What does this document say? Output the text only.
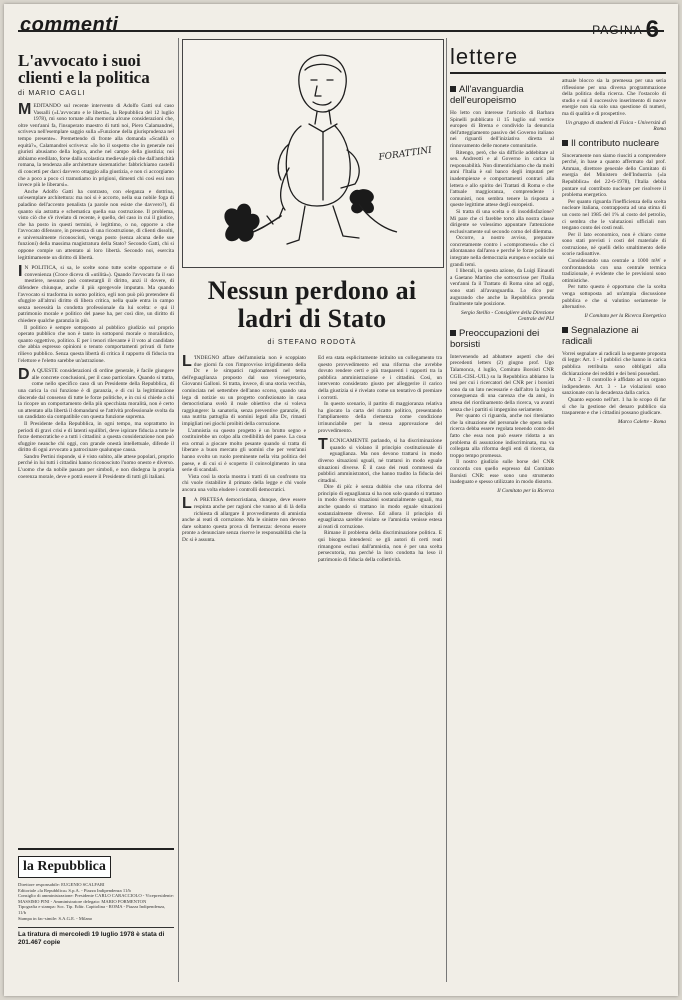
commenti	PAGINA 6
L'avvocato i suoi clienti e la politica
di MARIO CAGLI

MEDITANDO sul recente intervento di Adolfo Gatti sul caso Vassalli («L'avvocato e le libertà», la Repubblica del 12 luglio 1978), mi sono tornate alla memoria alcune considerazioni che, oltre vent'anni fa, l'insuperato maestro di tutti noi, Piero Calamandrei, scriveva nell'esemplare saggio sulla «Funzione della giurisprudenza nel tempo presente». Premettendo di fronte alla domanda «Scadilà o equità?», Calamandrei scriveva: «Io ho il sospetto che in generale noi giuristi abusiamo della logica, anche nel campo della giustizia; noi abbiamo eredilato, forse dalla scolastica medievale più che dall'antichità romana, la tendenza alle architetture sistematiche: fabbrichiamo castelli di concetti per darci davvero ottaggio alla giustizia, e non ci accorgiamo che a poco a poco ci tramutiamo in prigioni, dimenti chi così essi non invece più le liberarsi».

Anche Adolfo Gatti ha contrasto, con eleganza e dottrina, un'esemplare architettura: ma noi si è accorto, nella sua nobile foga di paladino dell'accento penalista (a parole non esiste che davvero?), di quanto sia astratta e schematica quella sua costruzione. Il problema, visto ciò che s'è rivelato di recente, è quello, del caso in cui il giudice, che ha posto in questi termini, è legittimo, o no, opporre a che l'avvocato difensore, in presenza di una ricostruzione, di clienti dissolti, e universalmente riconosciuti, venga posto (senza alcuna delle sue funzioni) della massima magistratura della Stato? Secondo Gatti, chi si oppone compie un attentato ai loro libertà. Secondo noi, esercita legittimamente un diritto di libertà.

I N POLITICA, si sa, le scelte sono tutte scelte opportune e di convenienza (Croce diceva di «utilità»). Quando l'avvocato fa il suo mestiere, nessuno può contestargli il diritto, anzi il dovere, di difendere chiunque, anche il più spregevole imputato. Ma quando l'avvocato si trasforma in uomo politico, egli non può più pretendere di sfuggire all'altrui diritto di libera critica, nella quale entra in campo senza necessità la condotta professionale da lui scelta: e qui il patrimonio morale e politico del paese ha, per così dire, un diritto di chiedere qualche garanzia in più.

Il politico è sempre sottoposto al pubblico giudizio sul proprio operato pubblico che non è tanto in sottoporsi morale o moralistico, quanto oggettivo, politico. E per i tenori rilevante è il voto al candidato che abbia espresso opinioni o tenuto comportamenti privati di forte rilievo pubblico. Senza questa libertà di critica il rapporto di fiducia tra l'elettore e l'eletto sarebbe un'astrazione.

D A QUESTE considerazioni di ordine generale, è facile giungere alle concrete conclusioni, per il caso particolare. Quando si tratta, come nello specifico caso di un Presidente della Repubblica, di una carica la cui funzione è di garanzia, e di cui la legittimazione discende dal consenso di tutte le forze politiche, e in cui si chiede a chi la ricopre un comportamento della più specchiata moralità, non è certo un attentato alla libertà il domandarsi se l'attività professionale svolta da un candidato sia compatibile con questa funzione suprema.

Il Presidente della Repubblica, in ogni tempo, ma soprattutto in periodi di gravi crisi e di latenti squilibri, deve ispirare fiducia a tutte le forze democratiche e a tutti i cittadini: a questa considerazione non può sfuggire neanche chi oggi, con grande onestà intellettuale, difende il diritto di ogni avvocato a patrocinare qualunque causa.

Sandro Pertini risponde, si è visto subito, alle attese popolari, proprio perché in lui tutti i cittadini hanno riconosciuto l'uomo onesto e diverso. L'uomo che da nobile passato per simboli, e non disdegna la propria coerenza morale, deve e potrà essere il Presidente di tutti gli italiani.

la Repubblica

Direttore responsabile: EUGENIO SCALFARI

Editoriale «la Repubblica» S.p.A. - Piazza Indipendenza 11/b

Consiglio di amministrazione: Presidente CARLO CARACCIOLO - Vicepresidente: MASSIMO PINI - Amministratore delegato: MARIO FORMENTON

Tipografia e stampa: Soc. Tip. Editr. Capitolina - ROMA - Piazza Indipendenza, 11/b

Stampa in fac-simile: S.A.G.E. - Milano

La tiratura di mercoledì 19 luglio 1978 è stata di 201.467 copie
FORATTINI
Nessun perdono ai ladri di Stato
di STEFANO RODOTÀ

L 'INDEGNO affare dell'amnistia non è scoppiato due giorni fa con l'improvviso irrigidimento della Dc e le simpatici ragionamenti nel tema dell'eguaglianza proposto dal suo vicesegretario, Giovanni Galloni. Si tratta, invece, di una storia vecchia, cominciata nel settembre dell'anno scorso, quando una lega di notizie su un progetto confezionato in casa democristiana svelò il reale obiettivo che si voleva raggiungere: la sanatoria, senza preventive garanzie, di una nutrita pattuglia di uomini legati alla Dc, rimasti impigliati nei giochi proibiti della corruzione.

L'amnistia su questo progetto è un brutto segno e costituirebbe un colpo alla credibilità del paese. La cosa era ormai a giocare molto pesante quando si tratta di liberare a buon mercato gli uomini che per vent'anni hanno svolto un ruolo preminente nella vita politica del paese, e di cui si è scoperto il coinvolgimento in una serie di scandali.

Vista così la storia mostra i tratti di un confronto tra chi vuole ristabilire il primato della legge e chi vuole ancora una volta eludere i controlli democratici.

L A PRETESA democristiana, dunque, deve essere respinta anche per ragioni che vanno al di là della richiesta di allargare il provvedimento di amnistia anche ai reati di corruzione. Ma le sinistre non devono dare soltanto questa prova di fermezza: devono essere pronte a denunciare senza riserve le responsabilità che la Dc si è assunta.

Ed era stata esplicitamente istituito un collegamento tra questo provvedimento ed una riforma che avrebbe dovuto rendere certi e più trasparenti i rapporti tra la pubblica amministrazione e i cittadini. Così, un intervento considerato giusto per alleggerire il carico della giustizia si è rivelato come un tentativo di premiare i corrotti.

In questo scenario, il partito di maggioranza relativa ha giocato la carta del ricatto politico, presentando l'ampliamento della clemenza come condizione irrinunciabile per la stessa approvazione del provvedimento.

TECNICAMENTE parlando, si ha discriminazione quando si violano il principio costituzionale di eguaglianza. Ma non devono trattarsi in modo diverso situazioni uguali, né trattarsi in modo eguale situazioni diverse. È il caso dei reati commessi da pubblici amministratori, che hanno tradito la fiducia dei cittadini.

Dire di più: è senza dubbio che una riforma del principio di eguaglianza si ha non solo quando si trattano in modo diverso situazioni sostanzialmente uguali, ma anche quando si trattano in modo eguale situazioni sostanzialmente diverse. Ed allora il principio di eguaglianza sarebbe violato se l'amnistia venisse estesa ai reati di corruzione.

Rimane il problema della discriminazione politica. E qui bisogna intendersi: se gli autori di certi reati rimangono esclusi dall'amnistia, non è per una scelta persecutoria, ma perché la loro condotta ha leso il patrimonio di fiducia della collettività.

lettere
All'avanguardia dell'europeismo

Ho letto con interesse l'articolo di Barbara Spinelli pubblicato il 15 luglio sul vertice europeo di Brema e condivido la denuncia dell'atteggiamento passivo del Governo italiano nei riguardi dell'iniziativa diretta al rinnovamento delle monete comunitarie.

Ritengo, però, che sia difficile addebitare al sen. Andreotti e al Governo in carica la responsabilità. Non dimentichiamo che da molti anni l'Italia è sul banco degli imputati per inadempienze e comportamenti contrari alla lettera e allo spirito dei Trattati di Roma e che l'attuale maggioranza, comprendente i comunisti, non sembra tenere la risposta a queste legittime attese degli europeisti.

Si tratta di una scelta o di insoddisfazione? Mi pare che ci farebbe torto alla nostra classe dirigente se volessimo appuntare l'attenzione esclusivamente sul secondo corno del dilemma.

Occorre, a nostro avviso, preparare concretamente contro i «compromessi» che ci allontanano dall'area e perché le forze politiche integrate nella democrazia europea e sociale sui grandi temi.

I liberali, in questa azione, da Luigi Einaudi a Gaetano Martino che sottoscrisse per l'Italia vent'anni fa il Trattato di Roma sino ad oggi, sono stati all'avanguardia. Lo dico pur augurando che anche la Repubblica prenda finalmente tale posizione.

Sergio Stelllo - Consigliere della Direzione Centrale del PLI
Preoccupazioni dei borsisti

Intervenendo ad abbattere aspetti che dei precedenti letters (2) giugno prof. Ugo Talamonca, 4 luglio, Comitato Borsisti CNR CGIL-CISL-UIL) su la Repubblica abbiamo la tesi per cui i ricercatori del CNR per i borsisti sono da un lato necessarie e dall'altro la logica conseguenza di una carenza che da anni, in attesa del riordinamento della ricerca, va avanti senza che i partiti si impegnino seriamente.

Per quanto ci riguarda, anche noi riteniamo che la situazione del personale che opera nella ricerca debba essere regolata tenendo conto del fatto che essa non può essere ridotta a un problema di assunzione indiscriminata, ma va collegata alla riforma degli enti di ricerca, da troppo tempo promessa.

Il nostro giudizio sulle borse del CNR concorda con quello espresso dal Comitato Borsisti CNR: esse sono uno strumento inadeguato e spesso utilizzato in modo distorto.

Il Comitato per la Ricerca

attuale blocco sia la premessa per una seria riflessione per una diversa programmazione della politica della ricerca. Che l'ostacolo di studio e sui il successivo inserimento di nuove energie non sia solo una questione di numeri, ma di qualità e di prospettive.

Un gruppo di studenti di Fisica - Università di Roma
Il contributo nucleare

Sinceramente non siamo riusciti a comprendere perché, in base a quanto affermato dal prof. Amman, direttore generale dello Comitato di energia del Ministero dell'Industria («la Repubblica» del 22-6-1978), l'Italia debba puntare sul contributo nucleare per risolvere il problema energetico.

Per quanto riguarda l'inefficienza della scelta nucleare italiana, contrapposta ad una stima di un costo nel 1985 del 1% al costo del petrolio, ci sembra che le valutazioni ufficiali non tengano conto dei costi reali.

Per il lato economico, non è chiaro come sono stati previsti i costi del materiale di costruzione, né quelli dello smaltimento delle scorie radioattive.

Considerando una centrale a 1000 mW e confrontandola con una centrale termica tradizionale, è evidente che le previsioni sono ottimistiche.

Per tutto questo è opportuno che la scelta venga sottoposta ad un'ampia discussione pubblica e che si valutino seriamente le alternative.

Il Comitato per la Ricerca Energetica
Segnalazione ai radicali

Vorrei segnalare ai radicali la seguente proposta di legge: Art. 1 - I pubblici che hanno in carica pubblica retribuita sono obbligati alla dichiarazione dei redditi e dei beni posseduti.

Art. 2 - Il controllo è affidato ad un organo indipendente. Art. 3 - Le violazioni sono sanzionate con la decadenza dalla carica.

Quanto esposto nell'art. 1 ha lo scopo di far sì che la gestione del denaro pubblico sia trasparente e che i cittadini possano giudicare.

Marco Calette - Roma
